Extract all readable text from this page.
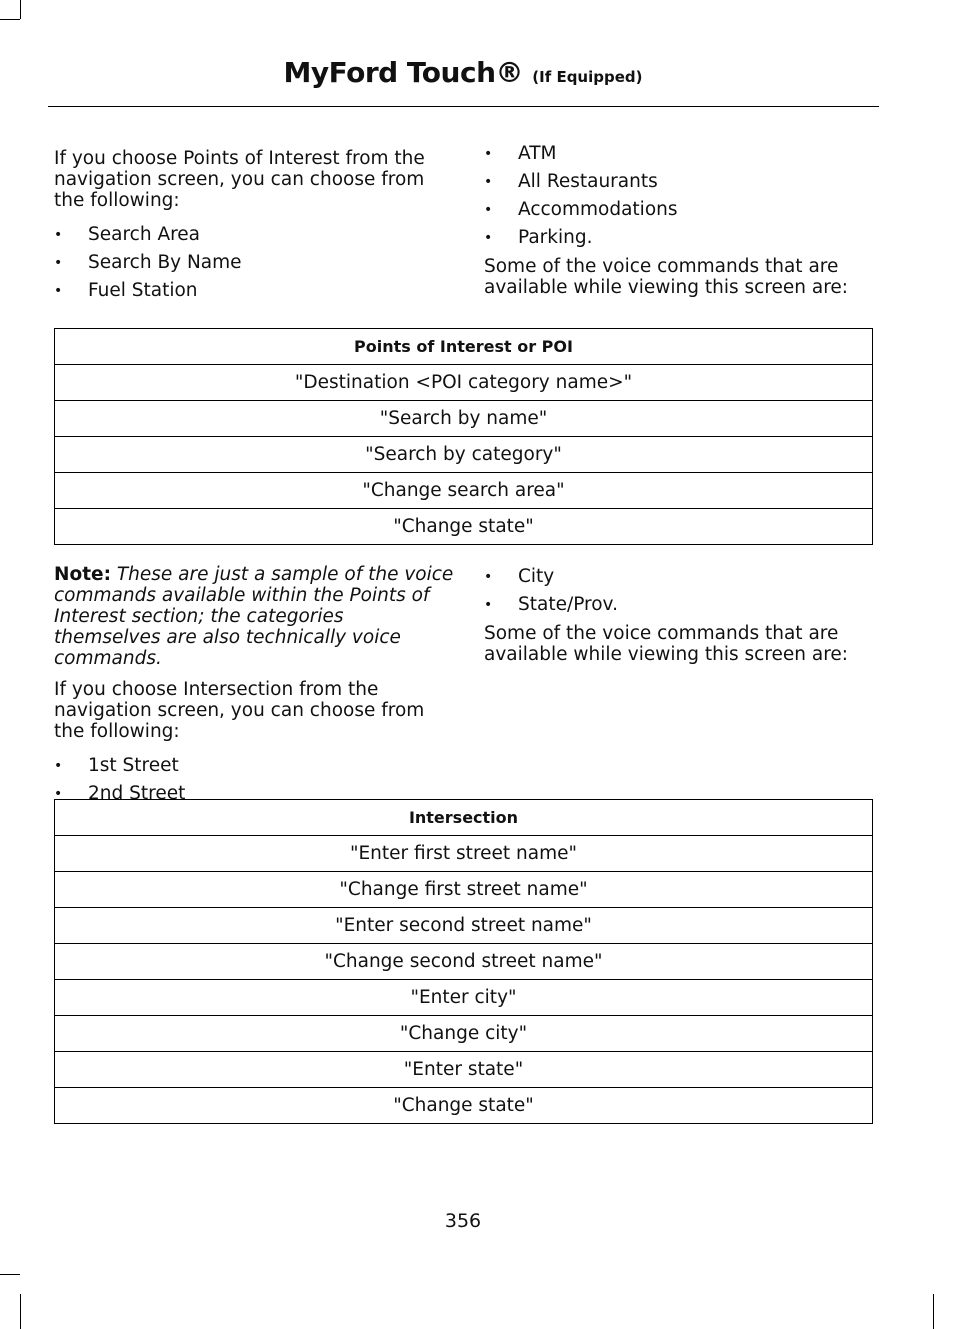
MyFord Touch® (If Equipped)

If you choose Points of Interest from the navigation screen, you can choose from the following:

• Search Area
• Search By Name
• Fuel Station
• ATM
• All Restaurants
• Accommodations
• Parking.

Some of the voice commands that are available while viewing this screen are:

Points of Interest or POI
"Destination <POI category name>"
"Search by name"
"Search by category"
"Change search area"
"Change state"

Note: These are just a sample of the voice commands available within the Points of Interest section; the categories themselves are also technically voice commands.

If you choose Intersection from the navigation screen, you can choose from the following:

• 1st Street
• 2nd Street
• City
• State/Prov.

Some of the voice commands that are available while viewing this screen are:

Intersection
"Enter first street name"
"Change first street name"
"Enter second street name"
"Change second street name"
"Enter city"
"Change city"
"Enter state"
"Change state"
356
